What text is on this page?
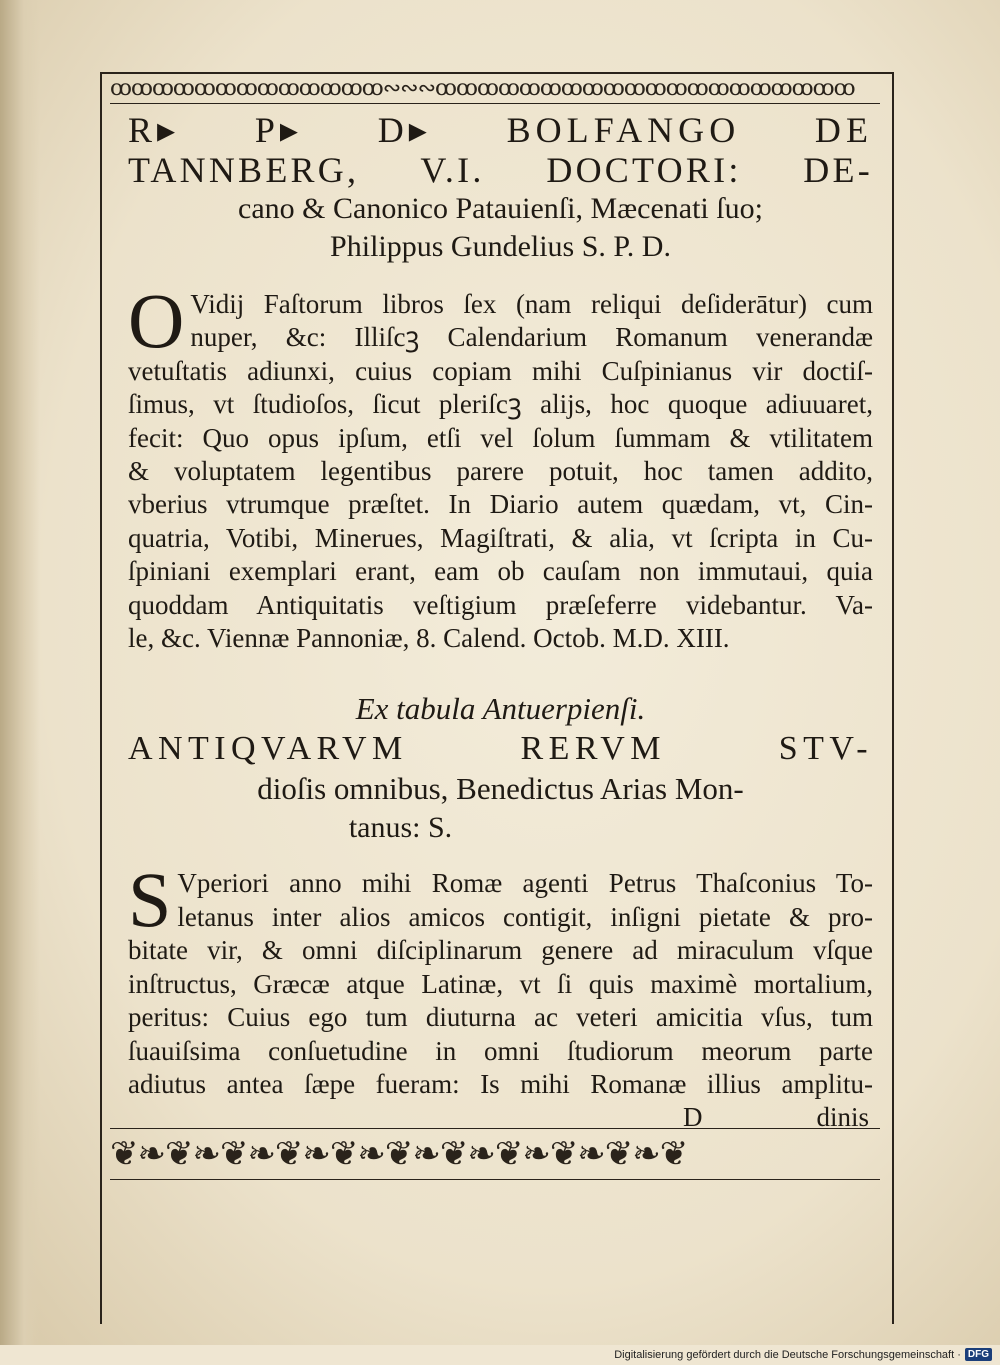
ꝏꝏꝏꝏꝏꝏꝏꝏꝏꝏꝏꝏꝏ∾∾∾ꝏꝏꝏꝏꝏꝏꝏꝏꝏꝏꝏꝏꝏꝏꝏꝏꝏꝏꝏꝏ
R▸ P▸ D▸ BOLFANGO DE
TANNBERG, V.I. DOCTORI: DE-
cano & Canonico Patauienſi, Mæcenati ſuo;
Philippus Gundelius S. P. D.
O Vidij Faſtorum libros ſex (nam reliqui deſiderātur) cum
nuper, &c: Illiſcꝫ Calendarium Romanum venerandæ
vetuſtatis adiunxi, cuius copiam mihi Cuſpinianus vir doctiſ-
ſimus, vt ſtudioſos, ſicut pleriſcꝫ alijs, hoc quoque adiuuaret,
fecit: Quo opus ipſum, etſi vel ſolum ſummam & vtilitatem
& voluptatem legentibus parere potuit, hoc tamen addito,
vberius vtrumque præſtet. In Diario autem quædam, vt, Cin-
quatria, Votibi, Minerues, Magiſtrati, & alia, vt ſcripta in Cu-
ſpiniani exemplari erant, eam ob cauſam non immutaui, quia
quoddam Antiquitatis veſtigium præſeferre videbantur. Va-
le, &c. Viennæ Pannoniæ, 8. Calend. Octob. M.D. XIII.
Ex tabula Antuerpienſi.
ANTIQVARVM RERVM STV-
dioſis omnibus, Benedictus Arias Mon-
tanus: S.
S Vperiori anno mihi Romæ agenti Petrus Thaſconius To-
letanus inter alios amicos contigit, inſigni pietate & pro-
bitate vir, & omni diſciplinarum genere ad miraculum vſque
inſtructus, Græcæ atque Latinæ, vt ſi quis maximè mortalium,
peritus: Cuius ego tum diuturna ac veteri amicitia vſus, tum
ſuauiſsima conſuetudine in omni ſtudiorum meorum parte
adiutus antea ſæpe fueram: Is mihi Romanæ illius amplitu-
D	dinis
❦❧❦❧❦❧❦❧❦❧❦❧❦❧❦❧❦❧❦❧❦
Digitalisierung gefördert durch die Deutsche Forschungsgemeinschaft · DFG
